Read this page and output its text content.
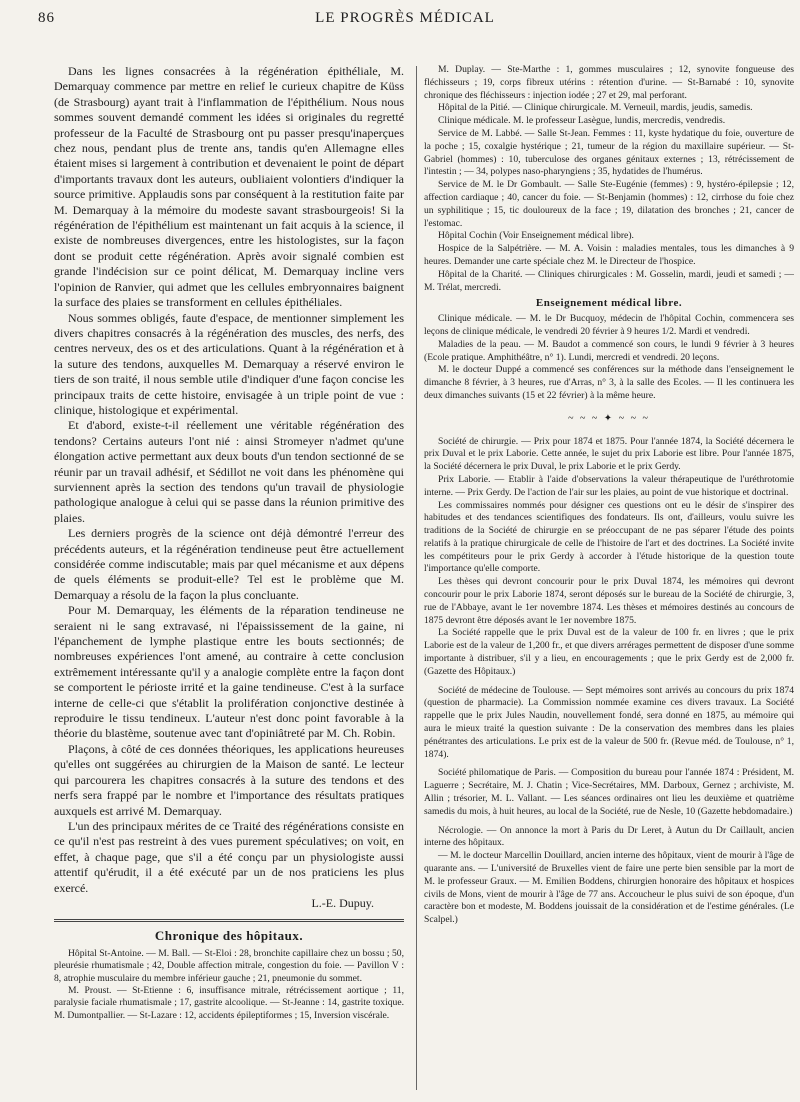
86	LE PROGRÈS MÉDICAL

Dans les lignes consacrées à la régénération épithéliale, M. Demarquay commence par mettre en relief le curieux chapitre de Küss (de Strasbourg) ayant trait à l'inflammation de l'épithélium. Nous nous sommes souvent demandé comment les idées si originales du regretté professeur de la Faculté de Strasbourg ont pu passer presqu'inaperçues chez nous, pendant plus de trente ans, tandis qu'en Allemagne elles étaient mises si largement à contribution et devenaient le point de départ d'importants travaux dont les auteurs, oubliaient volontiers d'indiquer la source primitive. Applaudis sons par conséquent à la restitution faite par M. Demarquay à la mémoire du modeste savant strasbourgeois! Si la régénération de l'épithélium est maintenant un fait acquis à la science, il existe de nombreuses divergences, entre les histologistes, sur la façon dont se produit cette régénération. Après avoir signalé combien est grande l'indécision sur ce point délicat, M. Demarquay incline vers l'opinion de Ranvier, qui admet que les cellules embryonnaires baignent la surface des plaies se transforment en cellules épithéliales.

Nous sommes obligés, faute d'espace, de mentionner simplement les divers chapitres consacrés à la régénération des muscles, des nerfs, des centres nerveux, des os et des articulations. Quant à la régénération et à la suture des tendons, auxquelles M. Demarquay a réservé environ le tiers de son traité, il nous semble utile d'indiquer d'une façon concise les principaux traits de cette histoire, envisagée à un triple point de vue : clinique, histologique et expérimental.

Et d'abord, existe-t-il réellement une véritable régénération des tendons? Certains auteurs l'ont nié : ainsi Stromeyer n'admet qu'une élongation active permettant aux deux bouts d'un tendon sectionné de se réunir par un travail adhésif, et Sédillot ne voit dans les phénomène qui surviennent après la section des tendons qu'un travail de physiologie pathologique analogue à celui qui se passe dans la réunion primitive des plaies.

Les derniers progrès de la science ont déjà démontré l'erreur des précédents auteurs, et la régénération tendineuse peut être actuellement considérée comme indiscutable; mais par quel mécanisme et aux dépens de quels éléments se produit-elle? Tel est le problème que M. Demarquay a résolu de la façon la plus concluante.

Pour M. Demarquay, les éléments de la réparation tendineuse ne seraient ni le sang extravasé, ni l'épaississement de la gaine, ni l'épanchement de lymphe plastique entre les bouts sectionnés; de nombreuses expériences l'ont amené, au contraire à cette conclusion extrêmement intéressante qu'il y a analogie complète entre la façon dont se comportent le périoste irrité et la gaine tendineuse. C'est à la surface interne de celle-ci que s'établit la prolifération conjonctive destinée à reproduire le tissu tendineux. L'auteur n'est donc point favorable à la théorie du blastème, soutenue avec tant d'opiniâtreté par M. Ch. Robin.

Plaçons, à côté de ces données théoriques, les applications heureuses qu'elles ont suggérées au chirurgien de la Maison de santé. Le lecteur qui parcourera les chapitres consacrés à la suture des tendons et des nerfs sera frappé par le nombre et l'importance des résultats pratiques auxquels est arrivé M. Demarquay.

L'un des principaux mérites de ce Traité des régénérations consiste en ce qu'il n'est pas restreint à des vues purement spéculatives; on voit, en effet, à chaque page, que s'il a été conçu par un physiologiste aussi attentif qu'érudit, il a été exécuté par un de nos praticiens les plus exercé.

L.-E. Dupuy.

Chronique des hôpitaux.

Hôpital St-Antoine. — M. Ball. — St-Eloi : 28, bronchite capillaire chez un bossu ; 50, pleurésie rhumatismale ; 42, Double affection mitrale, congestion du foie. — Pavillon V : 8, atrophie musculaire du membre inférieur gauche ; 21, pneumonie du sommet.

M. Proust. — St-Etienne : 6, insuffisance mitrale, rétrécissement aortique ; 11, paralysie faciale rhumatismale ; 17, gastrite alcoolique. — St-Jeanne : 14, gastrite toxique. M. Dumontpallier. — St-Lazare : 12, accidents épileptiformes ; 15, Inversion viscérale.

M. Duplay. — Ste-Marthe : 1, gommes musculaires ; 12, synovite fongueuse des fléchisseurs ; 19, corps fibreux utérins : rétention d'urine. — St-Barnabé : 10, synovite chronique des fléchisseurs : injection iodée ; 27 et 29, mal perforant.

Hôpital de la Pitié. — Clinique chirurgicale. M. Verneuil, mardis, jeudis, samedis.

Clinique médicale. M. le professeur Lasègue, lundis, mercredis, vendredis.

Service de M. Labbé. — Salle St-Jean. Femmes : 11, kyste hydatique du foie, ouverture de la poche ; 15, coxalgie hystérique ; 21, tumeur de la région du maxillaire supérieur. — St-Gabriel (hommes) : 10, tuberculose des organes génitaux externes ; 13, rétrécissement de l'intestin ; — 34, polypes naso-pharyngiens ; 35, hydatides de l'humérus.

Service de M. le Dr Gombault. — Salle Ste-Eugénie (femmes) : 9, hystéro-épilepsie ; 12, affection cardiaque ; 40, cancer du foie. — St-Benjamin (hommes) : 12, cirrhose du foie chez un syphilitique ; 15, tic douloureux de la face ; 19, dilatation des bronches ; 21, cancer de l'estomac.

Hôpital Cochin (Voir Enseignement médical libre).

Hospice de la Salpétrière. — M. A. Voisin : maladies mentales, tous les dimanches à 9 heures. Demander une carte spéciale chez M. le Directeur de l'hospice.

Hôpital de la Charité. — Cliniques chirurgicales : M. Gosselin, mardi, jeudi et samedi ; — M. Trélat, mercredi.

Enseignement médical libre.

Clinique médicale. — M. le Dr Bucquoy, médecin de l'hôpital Cochin, commencera ses leçons de clinique médicale, le vendredi 20 février à 9 heures 1/2. Mardi et vendredi.

Maladies de la peau. — M. Baudot a commencé son cours, le lundi 9 février à 3 heures (Ecole pratique. Amphithéâtre, n° 1). Lundi, mercredi et vendredi. 20 leçons.

M. le docteur Duppé a commencé ses conférences sur la méthode dans l'enseignement le dimanche 8 février, à 3 heures, rue d'Arras, n° 3, à la salle des Ecoles. — Il les continuera les deux dimanches suivants (15 et 22 février) à la même heure.

~ ~ ~ ✦ ~ ~ ~

Société de chirurgie. — Prix pour 1874 et 1875. Pour l'année 1874, la Société décernera le prix Duval et le prix Laborie. Cette année, le sujet du prix Laborie est libre. Pour l'année 1875, la Société décernera le prix Duval, le prix Laborie et le prix Gerdy.

Prix Laborie. — Etablir à l'aide d'observations la valeur thérapeutique de l'uréthrotomie interne. — Prix Gerdy. De l'action de l'air sur les plaies, au point de vue historique et doctrinal.

Les commissaires nommés pour désigner ces questions ont eu le désir de s'inspirer des habitudes et des tendances scientifiques des fondateurs. Ils ont, d'ailleurs, voulu suivre les traditions de la Société de chirurgie en se préoccupant de ne pas séparer l'étude des points relatifs à la pratique chirurgicale de celle de l'histoire de l'art et des doctrines. La Société invite les compétiteurs pour le prix Gerdy à accorder à l'étude historique de la question toute l'importance qu'elle comporte.

Les thèses qui devront concourir pour le prix Duval 1874, les mémoires qui devront concourir pour le prix Laborie 1874, seront déposés sur le bureau de la Société de chirurgie, 3, rue de l'Abbaye, avant le 1er novembre 1874. Les thèses et mémoires destinés au concours de 1875 devront être déposés avant le 1er novembre 1875.

La Société rappelle que le prix Duval est de la valeur de 100 fr. en livres ; que le prix Laborie est de la valeur de 1,200 fr., et que divers arrérages permettent de disposer d'une somme importante à distribuer, s'il y a lieu, en encouragements ; que le prix Gerdy est de 2,000 fr. (Gazette des Hôpitaux.)

Société de médecine de Toulouse. — Sept mémoires sont arrivés au concours du prix 1874 (question de pharmacie). La Commission nommée examine ces divers travaux. La Société rappelle que le prix Jules Naudin, nouvellement fondé, sera donné en 1875, au mémoire qui aura le mieux traité la question suivante : De la conservation des membres dans les plaies pénétrantes des articulations. Le prix est de la valeur de 500 fr. (Revue méd. de Toulouse, n° 1, 1874).

Société philomatique de Paris. — Composition du bureau pour l'année 1874 : Président, M. Laguerre ; Secrétaire, M. J. Chatin ; Vice-Secrétaires, MM. Darboux, Gernez ; archiviste, M. Allin ; trésorier, M. L. Vallant. — Les séances ordinaires ont lieu les deuxième et quatrième samedis du mois, à huit heures, au local de la Société, rue de Nesle, 10 (Gazette hebdomadaire.)

Nécrologie. — On annonce la mort à Paris du Dr Leret, à Autun du Dr Caillault, ancien interne des hôpitaux.

— M. le docteur Marcellin Douillard, ancien interne des hôpitaux, vient de mourir à l'âge de quarante ans. — L'université de Bruxelles vient de faire une perte bien sensible par la mort de M. le professeur Graux. — M. Emilien Boddens, chirurgien honoraire des hôpitaux et hospices civils de Mons, vient de mourir à l'âge de 77 ans. Accoucheur le plus suivi de son époque, d'un caractère bon et modeste, M. Boddens jouissait de la considération et de l'estime générales. (Le Scalpel.)
